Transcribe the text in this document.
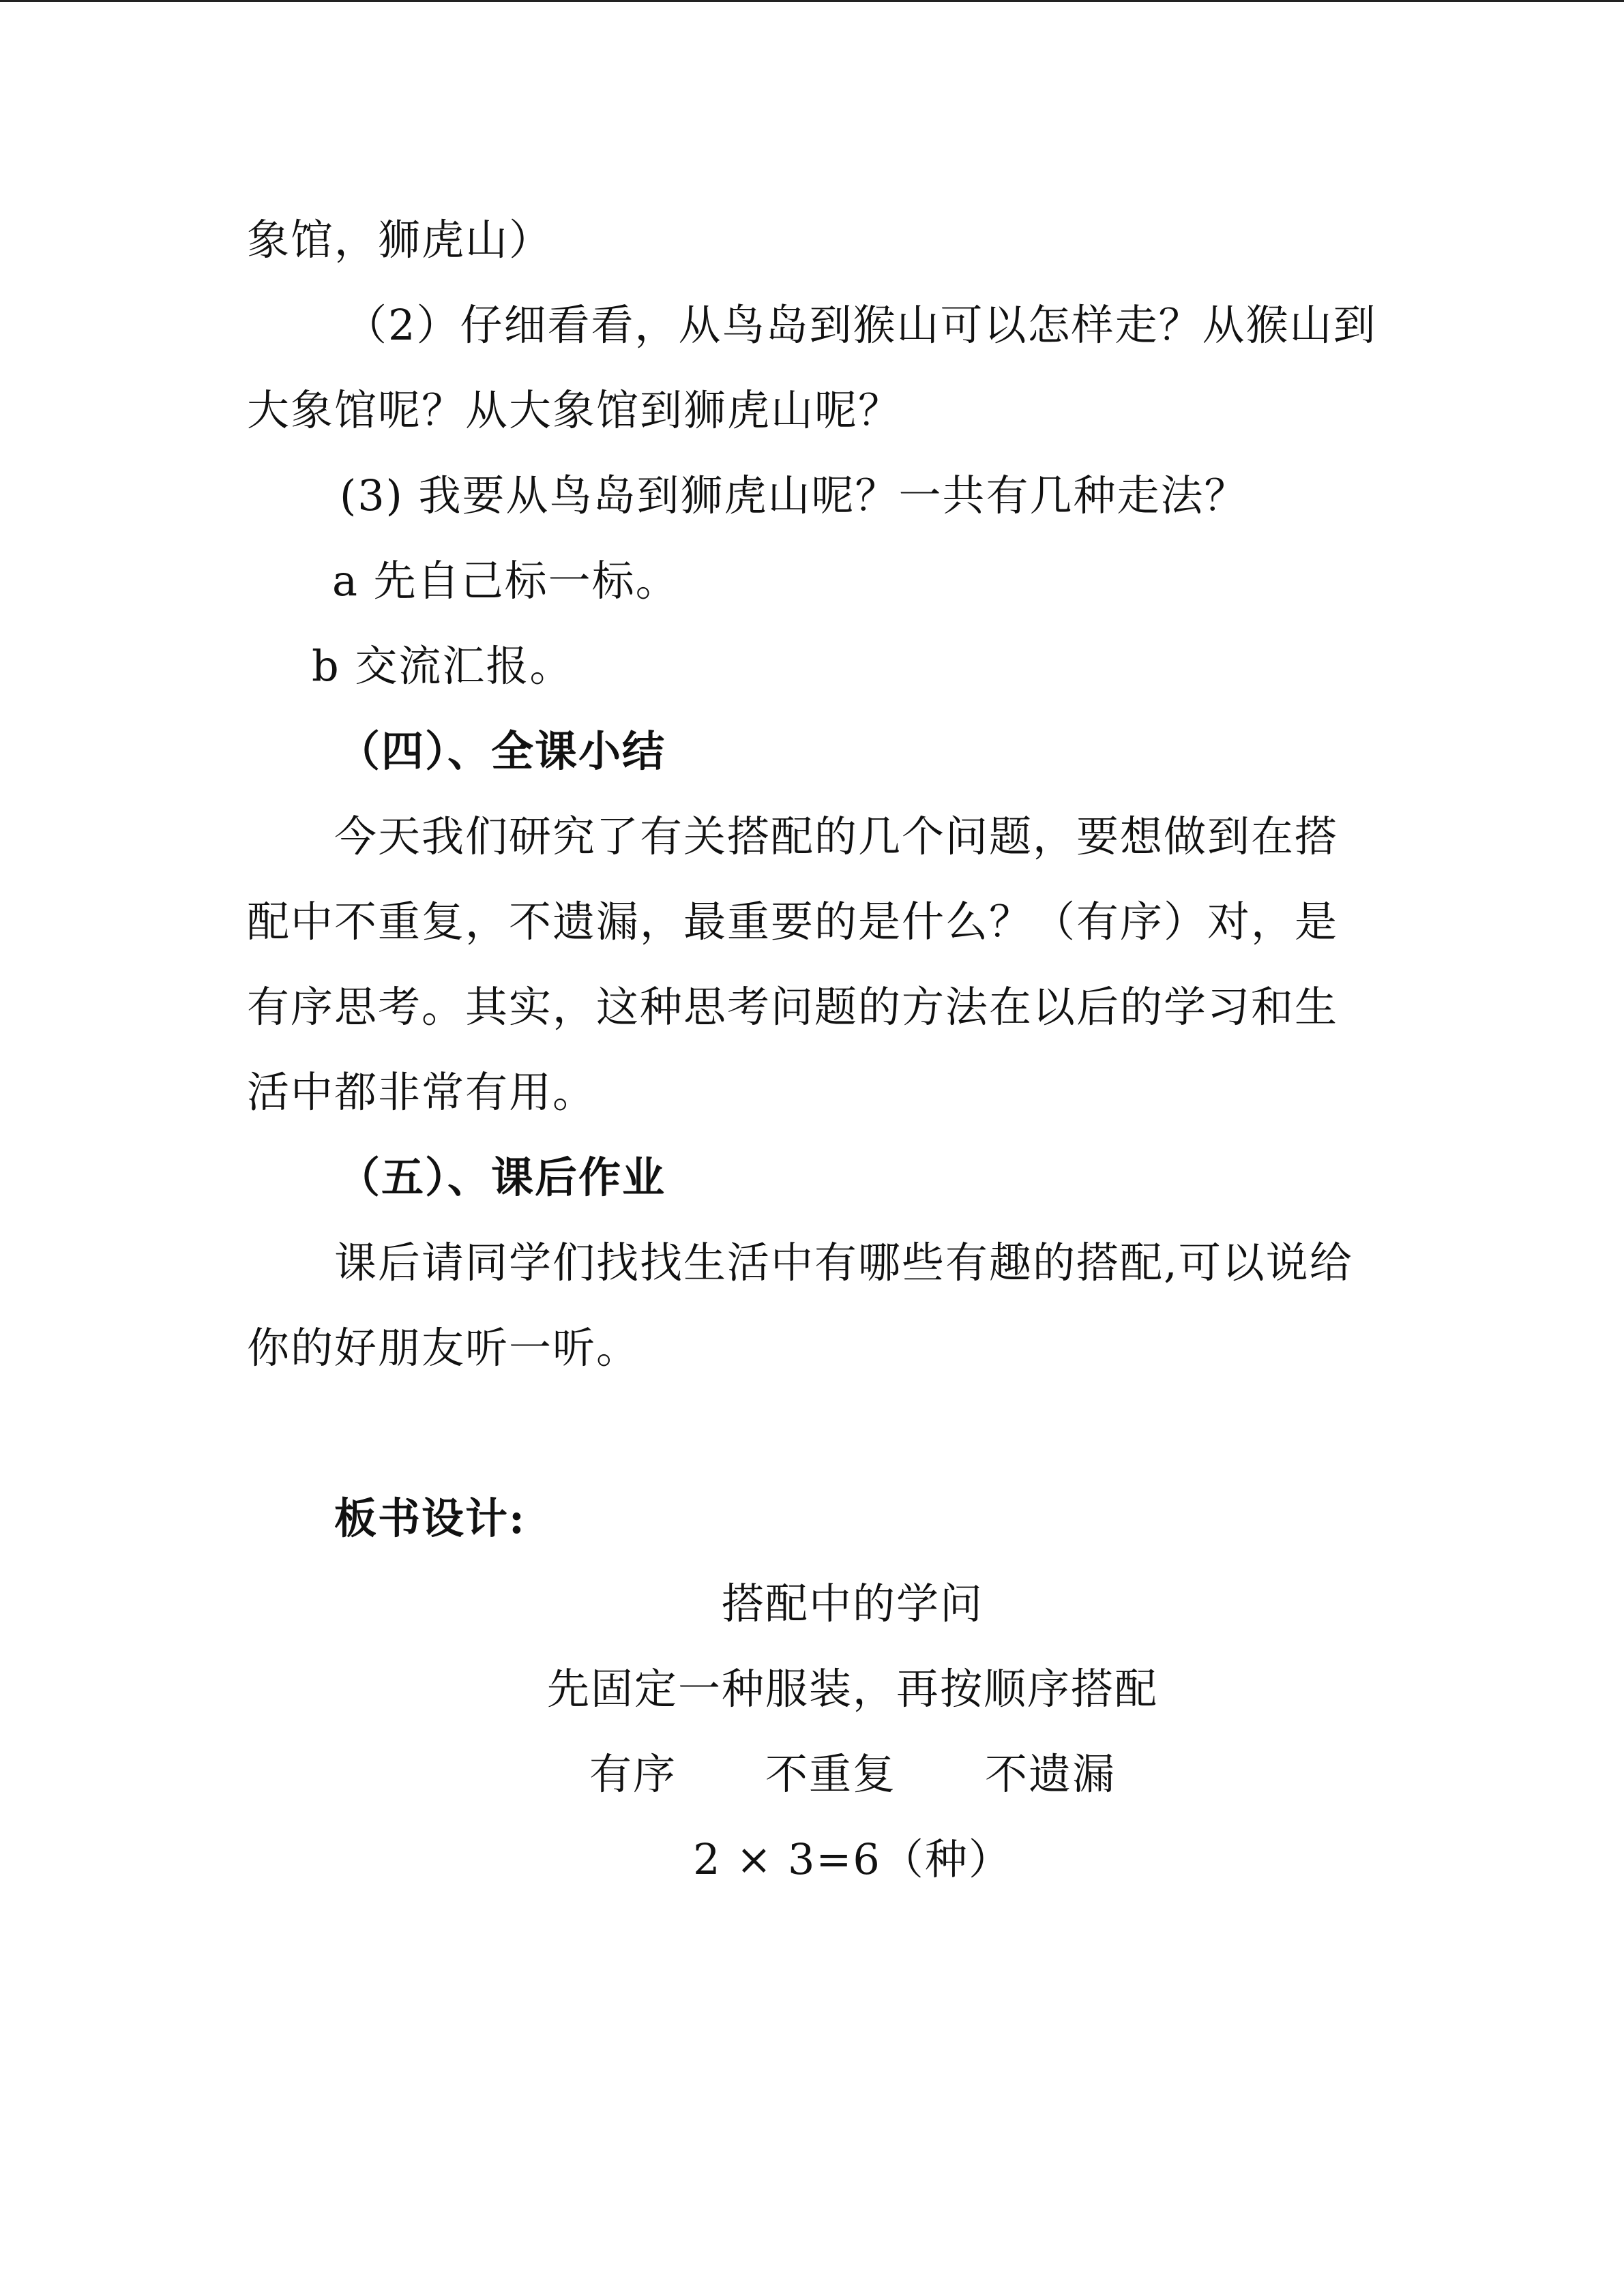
象馆，狮虎山）
（2）仔细看看，从鸟岛到猴山可以怎样走？从猴山到
大象馆呢？从大象馆到狮虎山呢？
(3) 我要从鸟岛到狮虎山呢？一共有几种走法？
a 先自己标一标。
b 交流汇报。
（四）、全课小结
今天我们研究了有关搭配的几个问题，要想做到在搭
配中不重复，不遗漏，最重要的是什么？（有序）对，是
有序思考。其实，这种思考问题的方法在以后的学习和生
活中都非常有用。
（五）、课后作业
课后请同学们找找生活中有哪些有趣的搭配,可以说给
你的好朋友听一听。
板书设计:
搭配中的学问
先固定一种服装，再按顺序搭配
有序 不重复 不遗漏
2 × 3=6（种）
